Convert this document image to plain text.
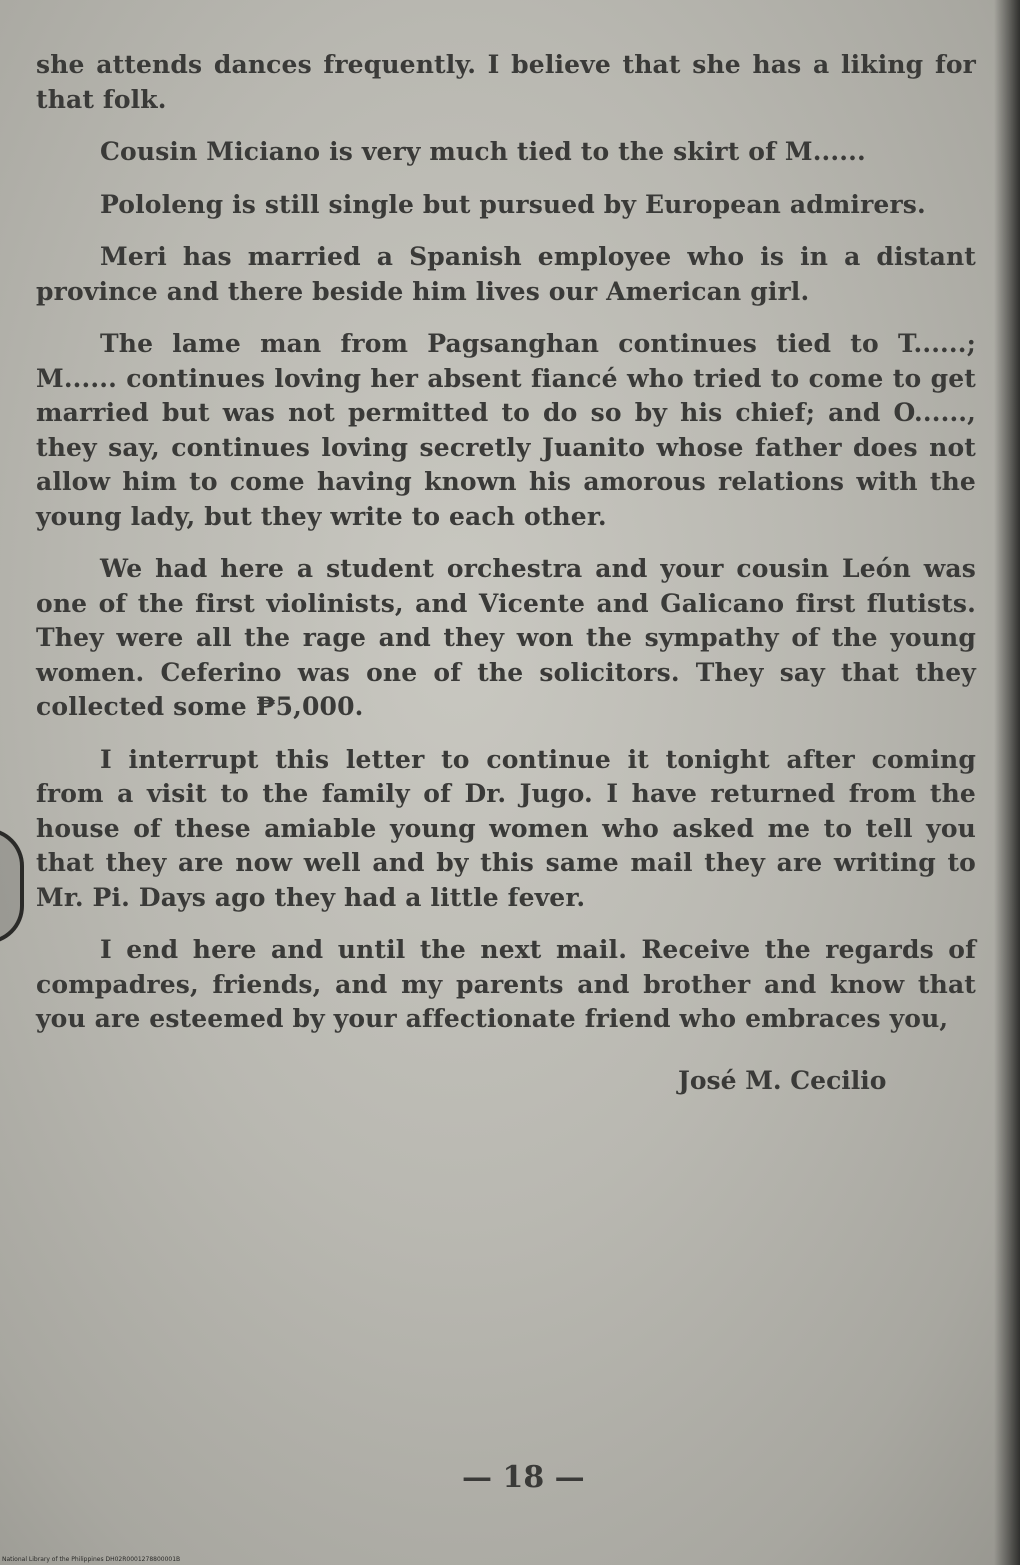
she attends dances frequently. I believe that she has a liking for that folk.

Cousin Miciano is very much tied to the skirt of M......

Pololeng is still single but pursued by European admirers.

Meri has married a Spanish employee who is in a distant province and there beside him lives our American girl.

The lame man from Pagsanghan continues tied to T......; M...... continues loving her absent fiancé who tried to come to get married but was not permitted to do so by his chief; and O......, they say, continues loving secretly Juanito whose father does not allow him to come having known his amorous relations with the young lady, but they write to each other.

We had here a student orchestra and your cousin León was one of the first violinists, and Vicente and Galicano first flutists. They were all the rage and they won the sympathy of the young women. Ceferino was one of the solicitors. They say that they collected some ₱5,000.

I interrupt this letter to continue it tonight after coming from a visit to the family of Dr. Jugo. I have returned from the house of these amiable young women who asked me to tell you that they are now well and by this same mail they are writing to Mr. Pi. Days ago they had a little fever.

I end here and until the next mail. Receive the regards of compadres, friends, and my parents and brother and know that you are esteemed by your affectionate friend who embraces you,

José M. Cecilio
— 18 —
National Library of the Philippines DH02R0001278800001B
